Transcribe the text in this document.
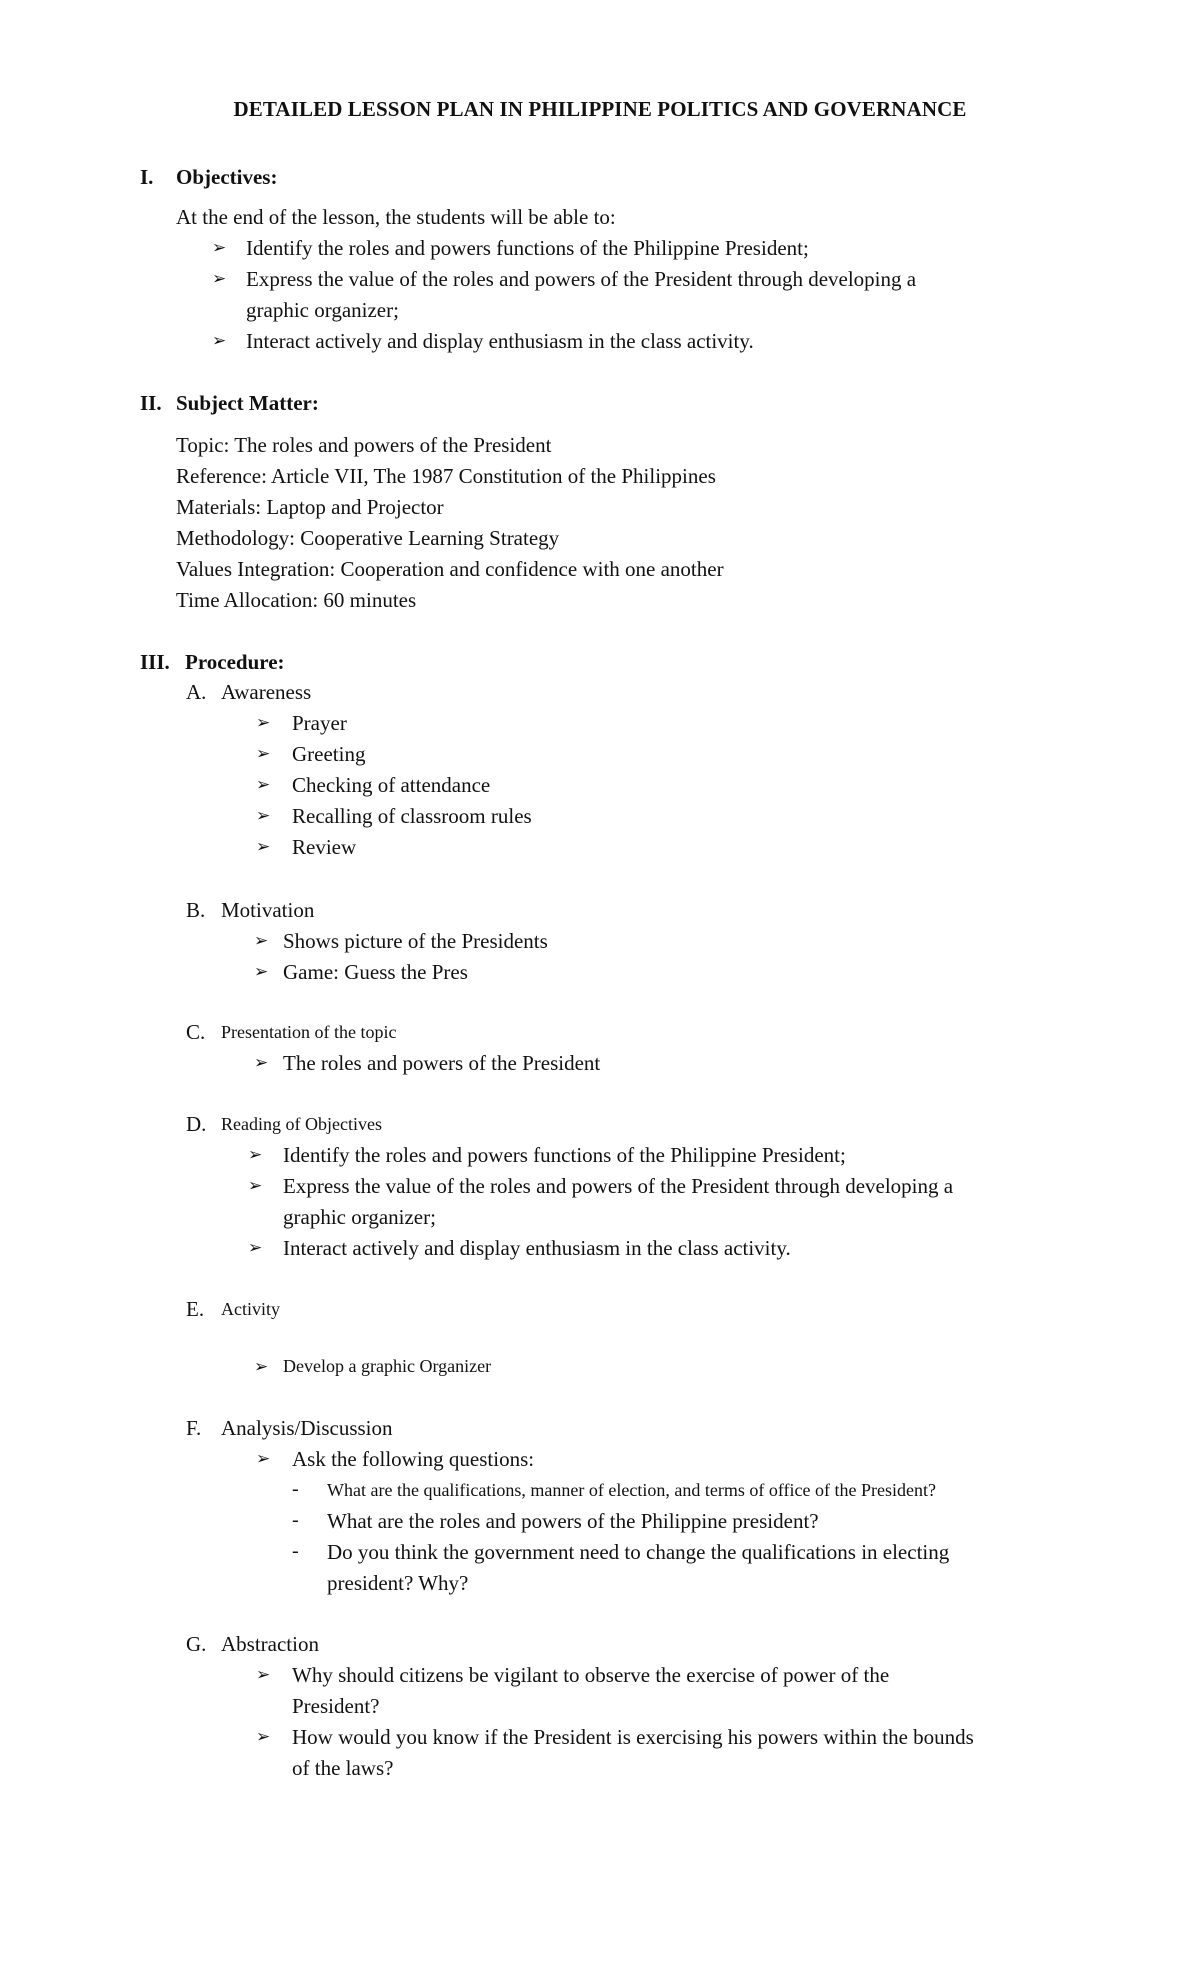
DETAILED LESSON PLAN IN PHILIPPINE POLITICS AND GOVERNANCE
I. Objectives:
At the end of the lesson, the students will be able to:
➢ Identify the roles and powers functions of the Philippine President;
➢ Express the value of the roles and powers of the President through developing a
graphic organizer;
➢ Interact actively and display enthusiasm in the class activity.
II. Subject Matter:
Topic: The roles and powers of the President
Reference: Article VII, The 1987 Constitution of the Philippines
Materials: Laptop and Projector
Methodology: Cooperative Learning Strategy
Values Integration: Cooperation and confidence with one another
Time Allocation: 60 minutes
III. Procedure:
A. Awareness
➢ Prayer
➢ Greeting
➢ Checking of attendance
➢ Recalling of classroom rules
➢ Review
B. Motivation
➢ Shows picture of the Presidents
➢ Game: Guess the Pres
C. Presentation of the topic
➢ The roles and powers of the President
D. Reading of Objectives
➢ Identify the roles and powers functions of the Philippine President;
➢ Express the value of the roles and powers of the President through developing a
graphic organizer;
➢ Interact actively and display enthusiasm in the class activity.
E. Activity
➢ Develop a graphic Organizer
F. Analysis/Discussion
➢ Ask the following questions:
- What are the qualifications, manner of election, and terms of office of the President?
- What are the roles and powers of the Philippine president?
- Do you think the government need to change the qualifications in electing
president? Why?
G. Abstraction
➢ Why should citizens be vigilant to observe the exercise of power of the
President?
➢ How would you know if the President is exercising his powers within the bounds
of the laws?
